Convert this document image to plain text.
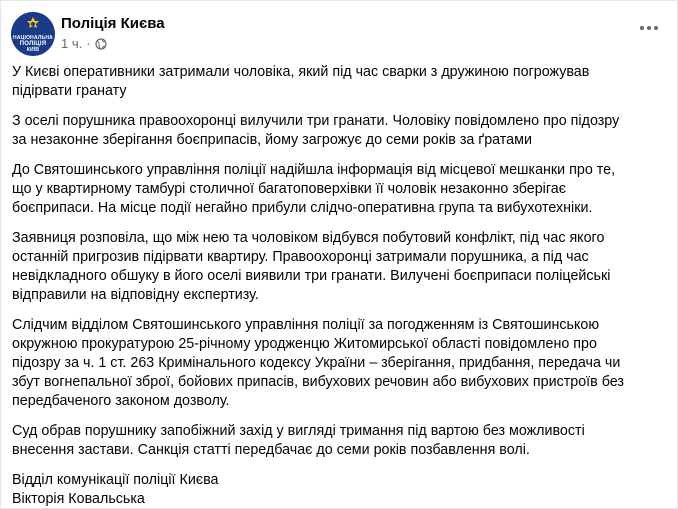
НАЦІОНАЛЬНА
ПОЛІЦІЯ
КИЇВ
Поліція Києва
1 ч. ·

У Києві оперативники затримали чоловіка, який під час сварки з дружиною погрожував
підірвати гранату

З оселі порушника правоохоронці вилучили три гранати. Чоловіку повідомлено про підозру
за незаконне зберігання боєприпасів, йому загрожує до семи років за ґратами

До Святошинського управління поліції надійшла інформація від місцевої мешканки про те,
що у квартирному тамбурі столичної багатоповерхівки її чоловік незаконно зберігає
боєприпаси. На місце події негайно прибули слідчо-оперативна група та вибухотехніки.

Заявниця розповіла, що між нею та чоловіком відбувся побутовий конфлікт, під час якого
останній пригрозив підірвати квартиру. Правоохоронці затримали порушника, а під час
невідкладного обшуку в його оселі виявили три гранати. Вилучені боєприпаси поліцейські
відправили на відповідну експертизу.

Слідчим відділом Святошинського управління поліції за погодженням із Святошинською
окружною прокуратурою 25-річному уродженцю Житомирської області повідомлено про
підозру за ч. 1 ст. 263 Кримінального кодексу України – зберігання, придбання, передача чи
збут вогнепальної зброї, бойових припасів, вибухових речовин або вибухових пристроїв без
передбаченого законом дозволу.

Суд обрав порушнику запобіжний захід у вигляді тримання під вартою без можливості
внесення застави. Санкція статті передбачає до семи років позбавлення волі.

Відділ комунікації поліції Києва
Вікторія Ковальська
